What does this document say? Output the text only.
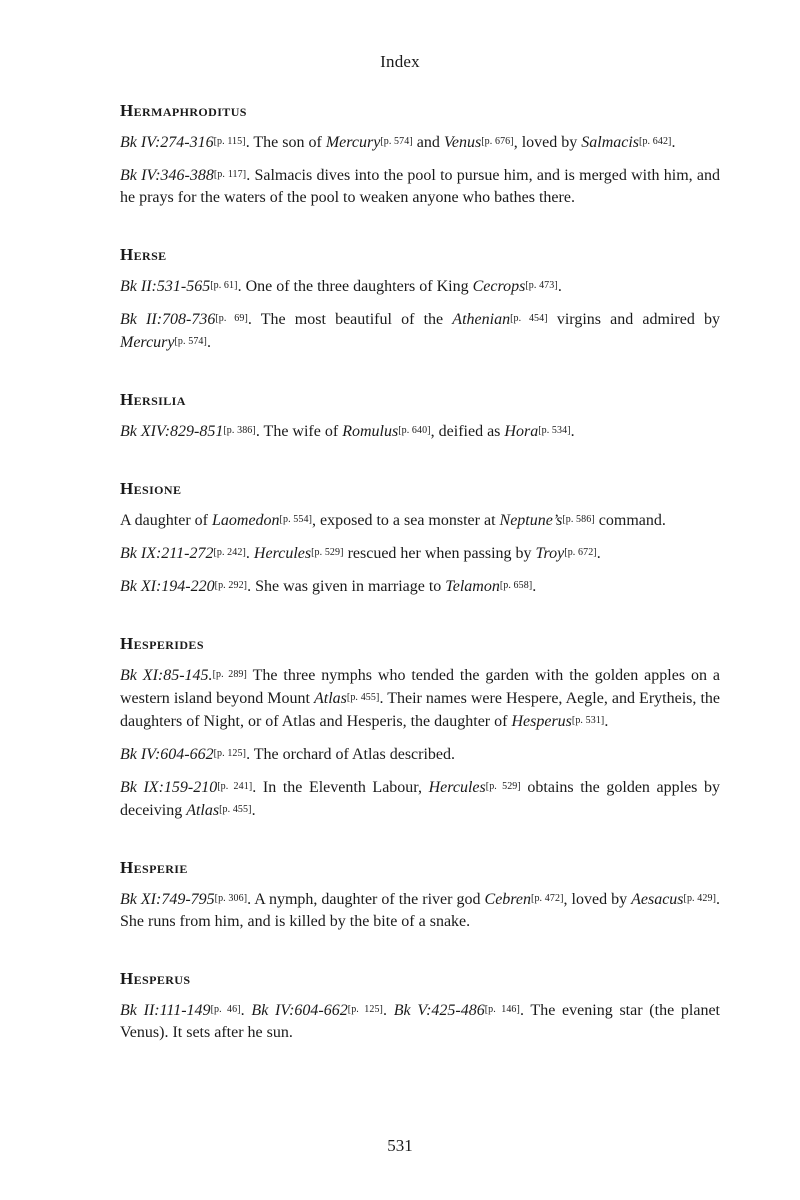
Index
Hermaphroditus
Bk IV:274-316[p. 115]. The son of Mercury[p. 574] and Venus[p. 676], loved by Salmacis[p. 642].
Bk IV:346-388[p. 117]. Salmacis dives into the pool to pursue him, and is merged with him, and he prays for the waters of the pool to weaken anyone who bathes there.
Herse
Bk II:531-565[p. 61]. One of the three daughters of King Cecrops[p. 473].
Bk II:708-736[p. 69]. The most beautiful of the Athenian[p. 454] virgins and admired by Mercury[p. 574].
Hersilia
Bk XIV:829-851[p. 386]. The wife of Romulus[p. 640], deified as Hora[p. 534].
Hesione
A daughter of Laomedon[p. 554], exposed to a sea monster at Neptune’s[p. 586] command.
Bk IX:211-272[p. 242]. Hercules[p. 529] rescued her when passing by Troy[p. 672].
Bk XI:194-220[p. 292]. She was given in marriage to Telamon[p. 658].
Hesperides
Bk XI:85-145.[p. 289] The three nymphs who tended the garden with the golden apples on a western island beyond Mount Atlas[p. 455]. Their names were Hespere, Aegle, and Erytheis, the daughters of Night, or of Atlas and Hesperis, the daughter of Hesperus[p. 531].
Bk IV:604-662[p. 125]. The orchard of Atlas described.
Bk IX:159-210[p. 241]. In the Eleventh Labour, Hercules[p. 529] obtains the golden apples by deceiving Atlas[p. 455].
Hesperie
Bk XI:749-795[p. 306]. A nymph, daughter of the river god Cebren[p. 472], loved by Aesacus[p. 429]. She runs from him, and is killed by the bite of a snake.
Hesperus
Bk II:111-149[p. 46]. Bk IV:604-662[p. 125]. Bk V:425-486[p. 146]. The evening star (the planet Venus). It sets after he sun.
531
